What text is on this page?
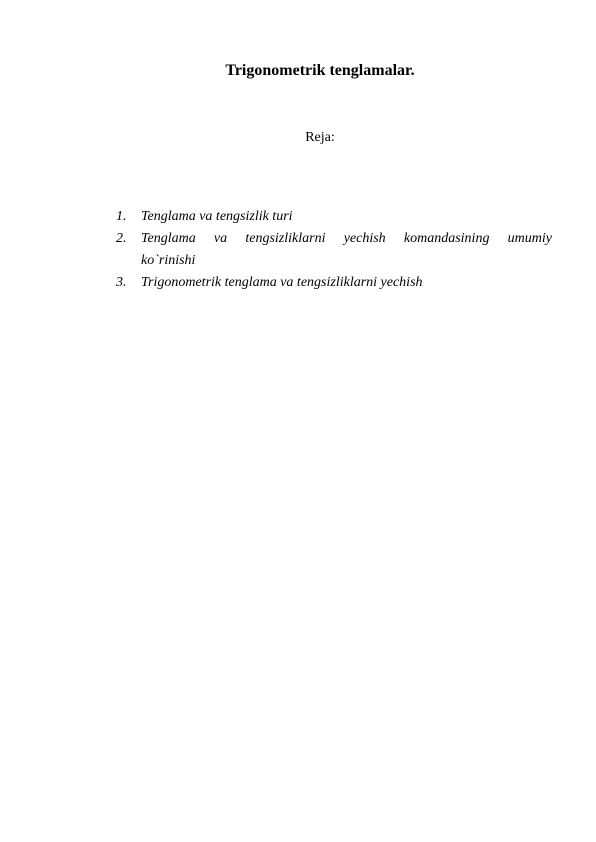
Trigonometrik tenglamalar.

Reja:

1. Tenglama va tengsizlik turi
2. Tenglama va tengsizliklarni yechish komandasining umumiy
ko`rinishi
3. Trigonometrik tenglama va tengsizliklarni yechish
